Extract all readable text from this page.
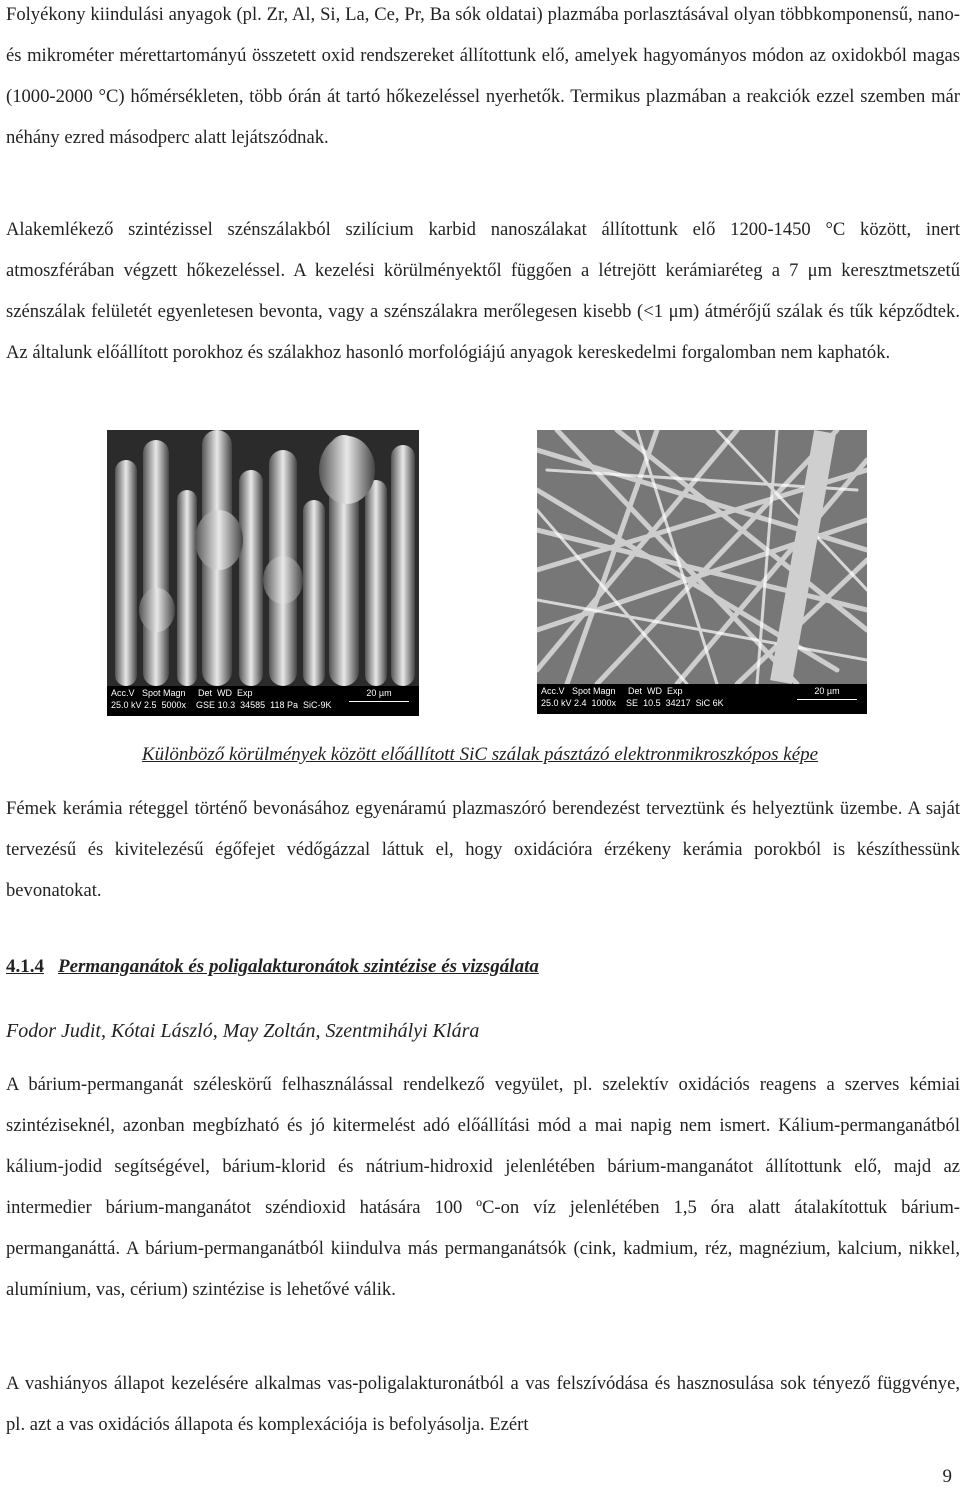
Folyékony kiindulási anyagok (pl. Zr, Al, Si, La, Ce, Pr, Ba sók oldatai) plazmába porlasztásával olyan többkomponensű, nano- és mikrométer mérettartományú összetett oxid rendszereket állítottunk elő, amelyek hagyományos módon az oxidokból magas (1000-2000 °C) hőmérsékleten, több órán át tartó hőkezeléssel nyerhetők. Termikus plazmában a reakciók ezzel szemben már néhány ezred másodperc alatt lejátszódnak.

Alakemlékező szintézissel szénszálakból szilícium karbid nanoszálakat állítottunk elő 1200-1450 °C között, inert atmoszférában végzett hőkezeléssel. A kezelési körülményektől függően a létrejött kerámiaréteg a 7 μm keresztmetszetű szénszálak felületét egyenletesen bevonta, vagy a szénszálakra merőlegesen kisebb (<1 μm) átmérőjű szálak és tűk képződtek. Az általunk előállított porokhoz és szálakhoz hasonló morfológiájú anyagok kereskedelmi forgalomban nem kaphatók.

Acc.V   Spot Magn     Det  WD  Exp
25.0 kV 2.5  5000x    GSE 10.3  34585  118 Pa  SiC-9K
20 µm	Acc.V   Spot Magn     Det  WD  Exp
25.0 kV 2.4  1000x    SE  10.5  34217  SiC 6K
20 µm
Különböző körülmények között előállított SiC szálak pásztázó elektronmikroszkópos képe

Fémek kerámia réteggel történő bevonásához egyenáramú plazmaszóró berendezést terveztünk és helyeztünk üzembe. A saját tervezésű és kivitelezésű égőfejet védőgázzal láttuk el, hogy oxidációra érzékeny kerámia porokból is készíthessünk bevonatokat.

4.1.4 Permanganátok és poligalakturonátok szintézise és vizsgálata
Fodor Judit, Kótai László, May Zoltán, Szentmihályi Klára

A bárium-permanganát széleskörű felhasználással rendelkező vegyület, pl. szelektív oxidációs reagens a szerves kémiai szintéziseknél, azonban megbízható és jó kitermelést adó előállítási mód a mai napig nem ismert. Kálium-permanganátból kálium-jodid segítségével, bárium-klorid és nátrium-hidroxid jelenlétében bárium-manganátot állítottunk elő, majd az intermedier bárium-manganátot széndioxid hatására 100 ºC-on víz jelenlétében 1,5 óra alatt átalakítottuk bárium-permanganáttá. A bárium-permanganátból kiindulva más permanganátsók (cink, kadmium, réz, magnézium, kalcium, nikkel, alumínium, vas, cérium) szintézise is lehetővé válik.

A vashiányos állapot kezelésére alkalmas vas-poligalakturonátból a vas felszívódása és hasznosulása sok tényező függvénye, pl. azt a vas oxidációs állapota és komplexációja is befolyásolja. Ezért

9
